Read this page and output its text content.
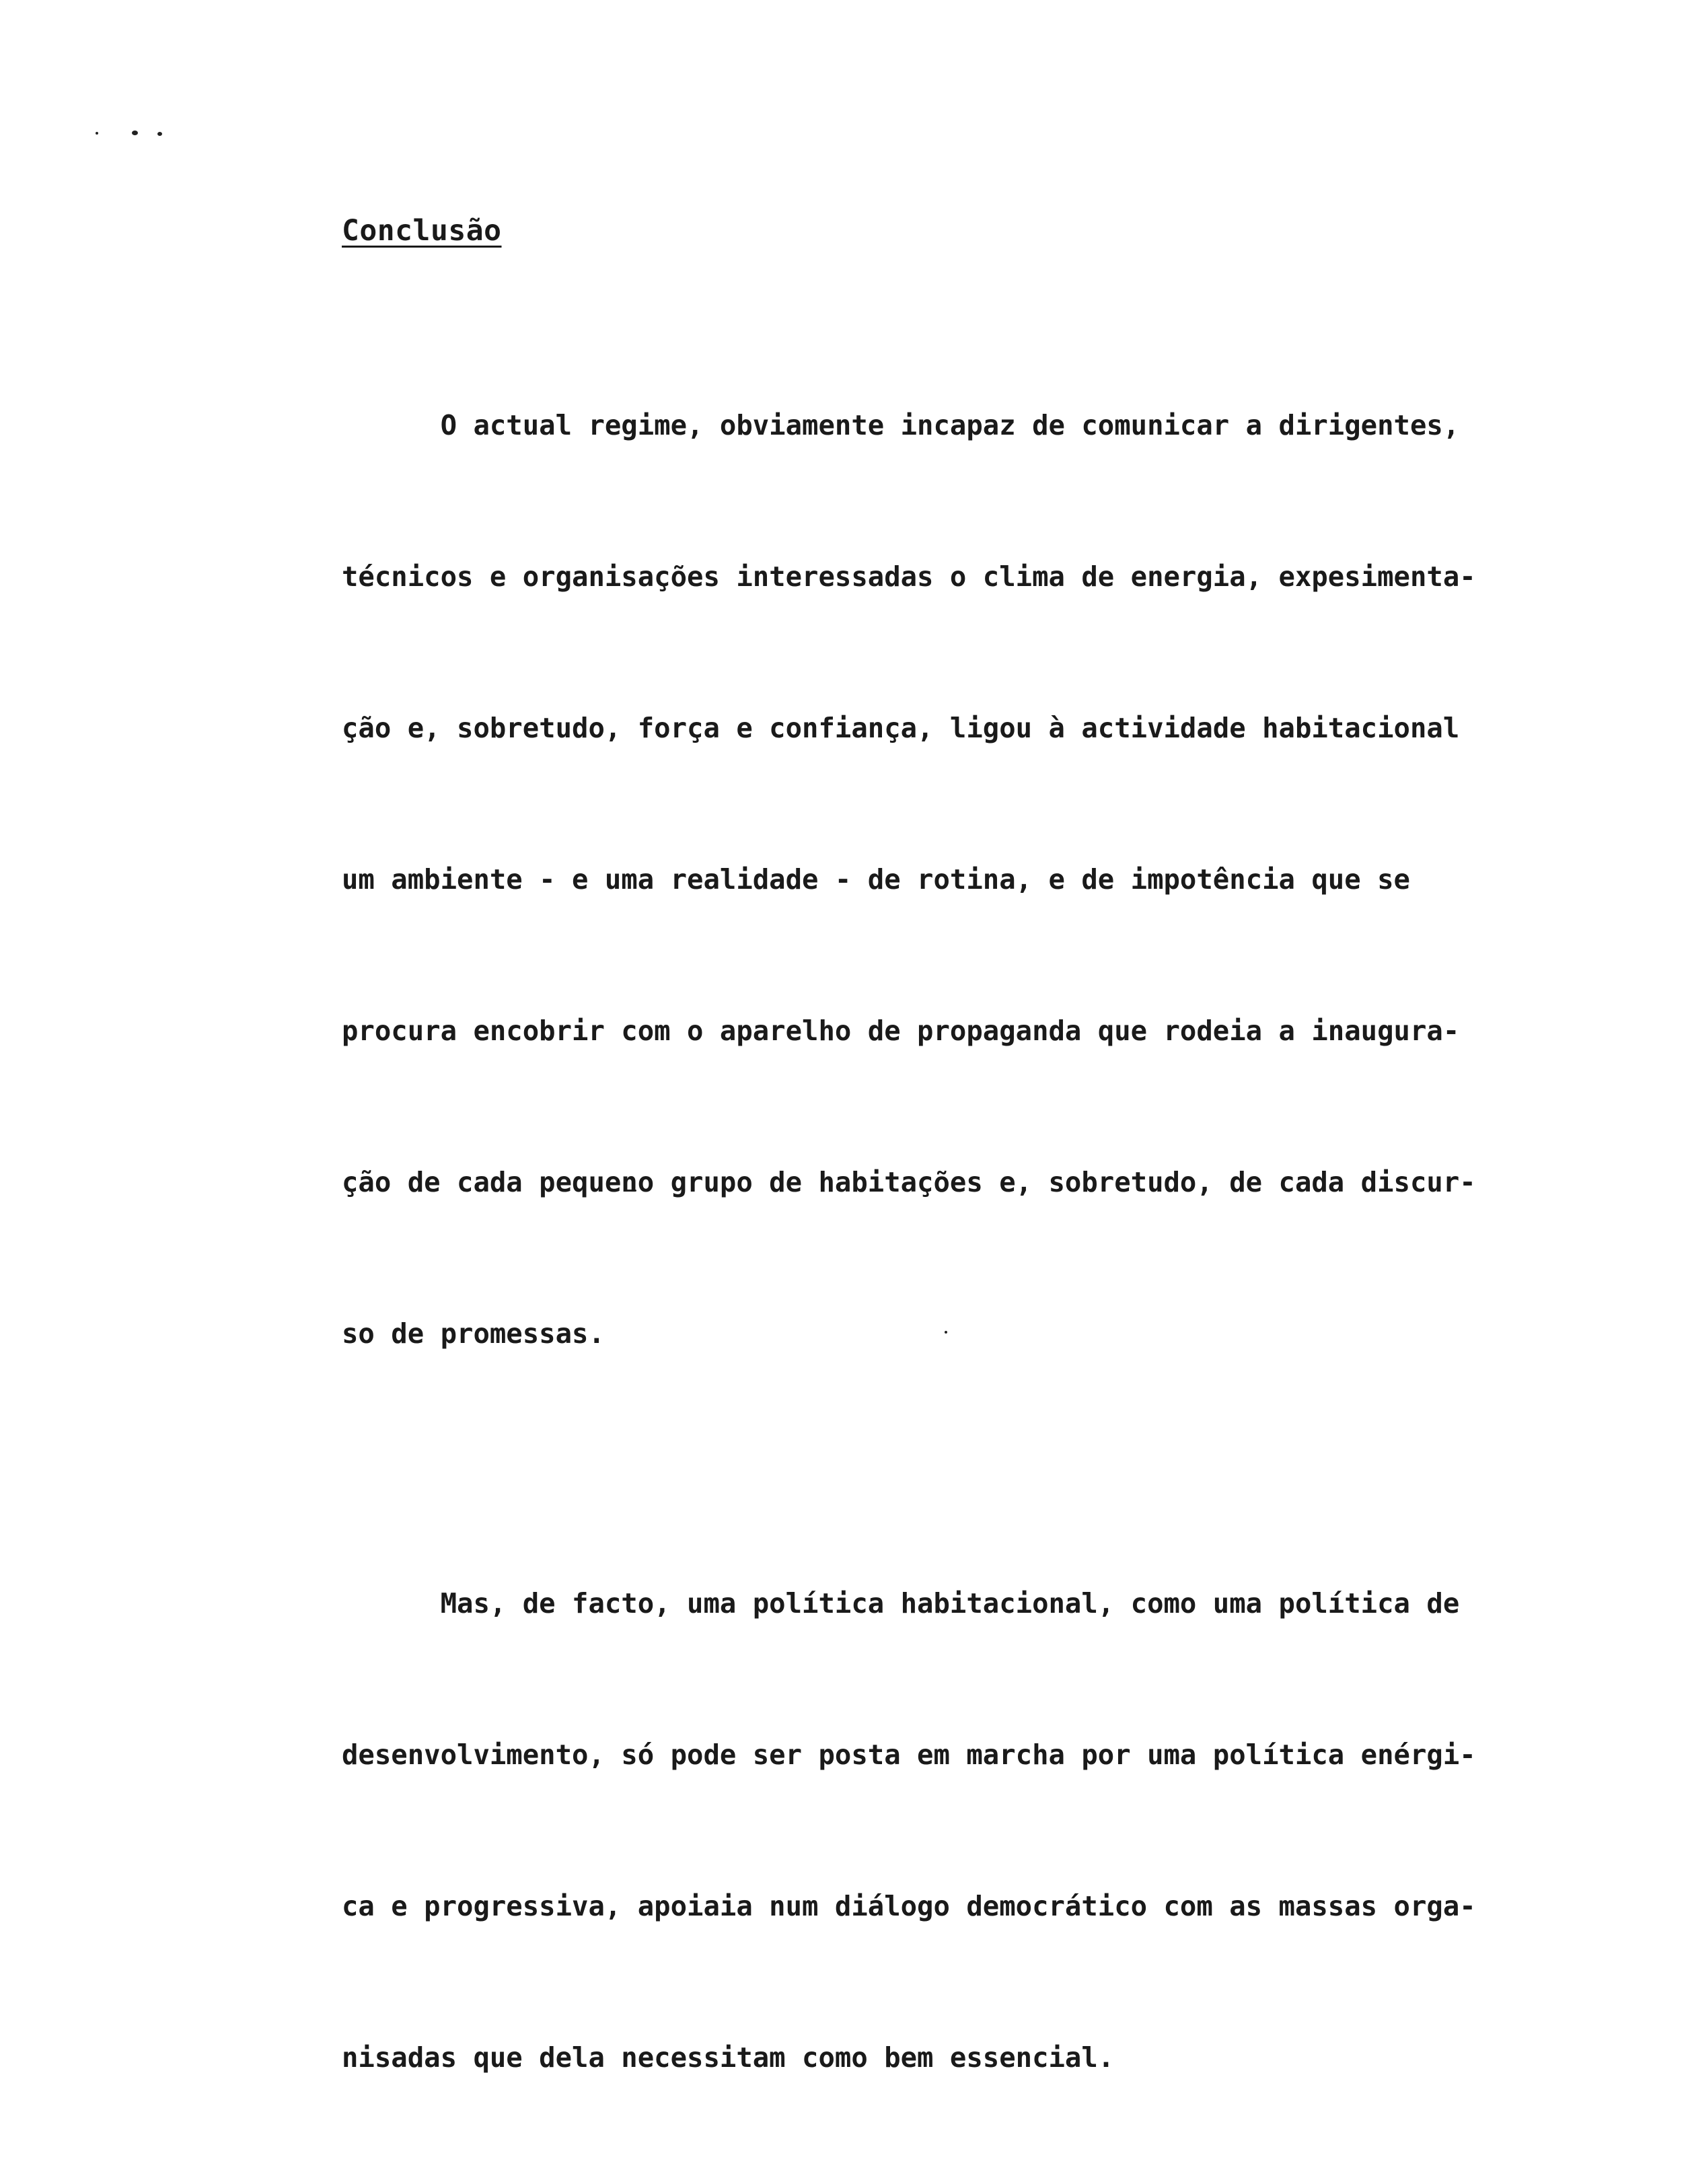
Conclusão

O actual regime, obviamente incapaz de comunicar a dirigentes,

técnicos e organisações interessadas o clima de energia, expesimenta-

ção e, sobretudo, força e confiança, ligou à actividade habitacional

um ambiente - e uma realidade - de rotina, e de impotência que se

procura encobrir com o aparelho de propaganda que rodeia a inaugura-

ção de cada pequeno grupo de habitações e, sobretudo, de cada discur-

so de promessas.

Mas, de facto, uma política habitacional, como uma política de

desenvolvimento, só pode ser posta em marcha por uma política enérgi-

ca e progressiva, apoiaia num diálogo democrático com as massas orga-

nisadas que dela necessitam como bem essencial.
